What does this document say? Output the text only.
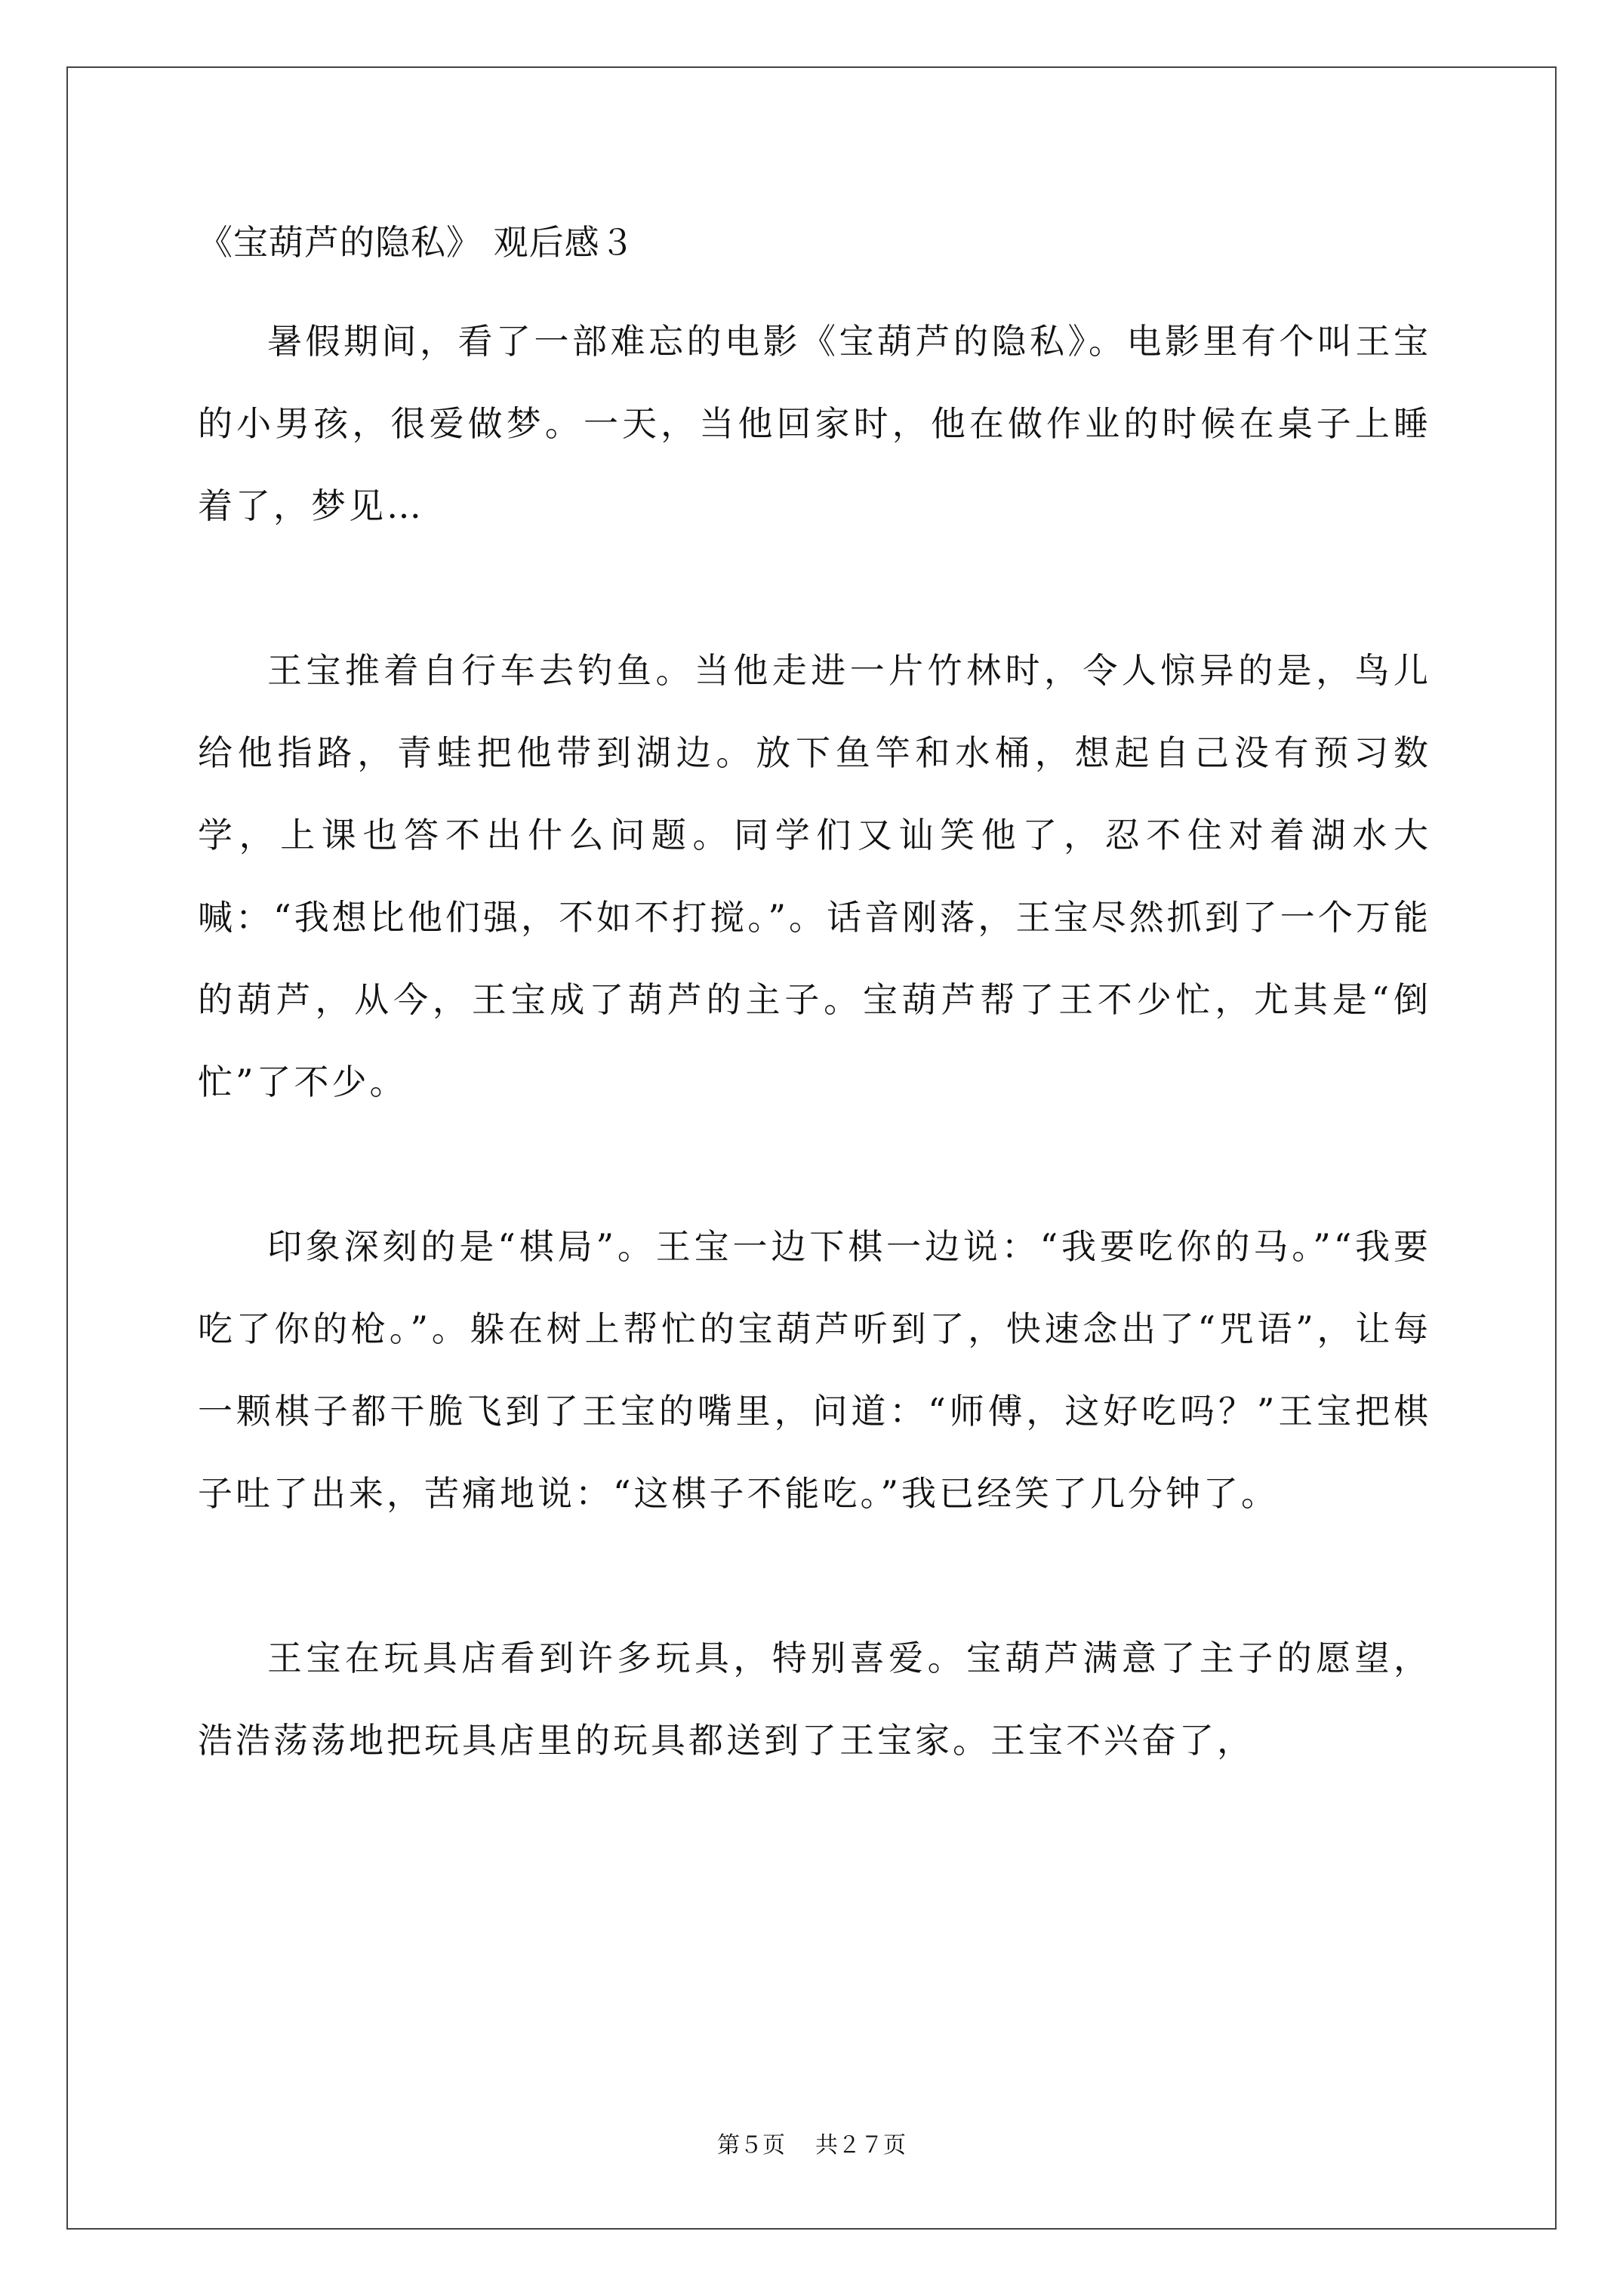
《宝葫芦的隐私》 观后感３

暑假期间，看了一部难忘的电影《宝葫芦的隐私》。电影里有个叫王宝的小男孩，很爱做梦。一天，当他回家时，他在做作业的时候在桌子上睡着了，梦见…

王宝推着自行车去钓鱼。当他走进一片竹林时，令人惊异的是，鸟儿给他指路，青蛙把他带到湖边。放下鱼竿和水桶，想起自己没有预习数学，上课也答不出什么问题。同学们又讪笑他了，忍不住对着湖水大喊：“我想比他们强，不如不打搅。”。话音刚落，王宝尽然抓到了一个万能的葫芦，从今，王宝成了葫芦的主子。宝葫芦帮了王不少忙，尤其是“倒忙”了不少。

印象深刻的是“棋局”。王宝一边下棋一边说：“我要吃你的马。”“我要吃了你的枪。”。躲在树上帮忙的宝葫芦听到了，快速念出了“咒语”，让每一颗棋子都干脆飞到了王宝的嘴里，问道：“师傅，这好吃吗？”王宝把棋子吐了出来，苦痛地说：“这棋子不能吃。”我已经笑了几分钟了。

王宝在玩具店看到许多玩具，特别喜爱。宝葫芦满意了主子的愿望，浩浩荡荡地把玩具店里的玩具都送到了王宝家。王宝不兴奋了，

第５页 共２７页
